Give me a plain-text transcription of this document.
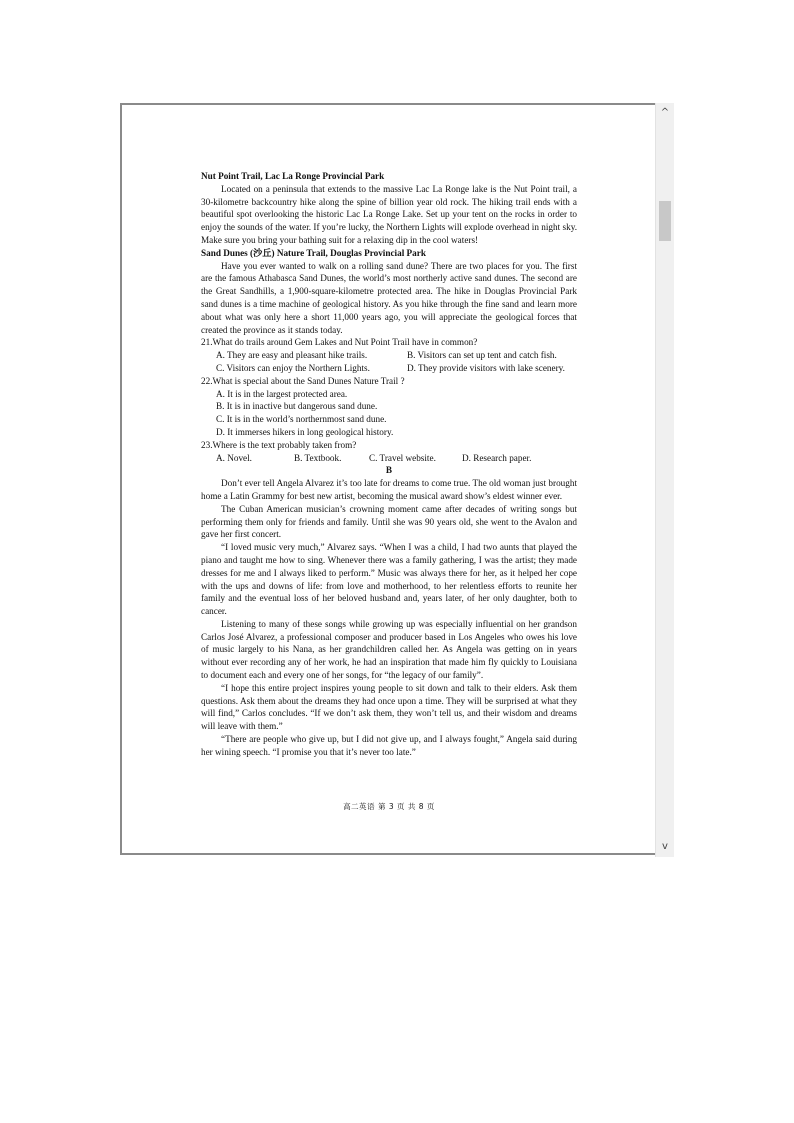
^
v

Nut Point Trail, Lac La Ronge Provincial Park

Located on a peninsula that extends to the massive Lac La Ronge lake is the Nut Point trail, a 30-kilometre backcountry hike along the spine of billion year old rock. The hiking trail ends with a beautiful spot overlooking the historic Lac La Ronge Lake. Set up your tent on the rocks in order to enjoy the sounds of the water. If you’re lucky, the Northern Lights will explode overhead in night sky. Make sure you bring your bathing suit for a relaxing dip in the cool waters!

Sand Dunes (沙丘) Nature Trail, Douglas Provincial Park

Have you ever wanted to walk on a rolling sand dune? There are two places for you. The first are the famous Athabasca Sand Dunes, the world’s most northerly active sand dunes. The second are the Great Sandhills, a 1,900-square-kilometre protected area. The hike in Douglas Provincial Park sand dunes is a time machine of geological history. As you hike through the fine sand and learn more about what was only here a short 11,000 years ago, you will appreciate the geological forces that created the province as it stands today.

21.What do trails around Gem Lakes and Nut Point Trail have in common?

A. They are easy and pleasant hike trails.	B. Visitors can set up tent and catch fish.
C. Visitors can enjoy the Northern Lights.	D. They provide visitors with lake scenery.

22.What is special about the Sand Dunes Nature Trail ?

A. It is in the largest protected area.

B. It is in inactive but dangerous sand dune.

C. It is in the world’s northernmost sand dune.

D. It immerses hikers in long geological history.

23.Where is the text probably taken from?

A. Novel.	B. Textbook.	C. Travel website.	D. Research paper.

B

Don’t ever tell Angela Alvarez it’s too late for dreams to come true. The old woman just brought home a Latin Grammy for best new artist, becoming the musical award show’s eldest winner ever.

The Cuban American musician’s crowning moment came after decades of writing songs but performing them only for friends and family. Until she was 90 years old, she went to the Avalon and gave her first concert.

“I loved music very much,” Alvarez says. “When I was a child, I had two aunts that played the piano and taught me how to sing. Whenever there was a family gathering, I was the artist; they made dresses for me and I always liked to perform.” Music was always there for her, as it helped her cope with the ups and downs of life: from love and motherhood, to her relentless efforts to reunite her family and the eventual loss of her beloved husband and, years later, of her only daughter, both to cancer.

Listening to many of these songs while growing up was especially influential on her grandson Carlos José Alvarez, a professional composer and producer based in Los Angeles who owes his love of music largely to his Nana, as her grandchildren called her. As Angela was getting on in years without ever recording any of her work, he had an inspiration that made him fly quickly to Louisiana to document each and every one of her songs, for “the legacy of our family”.

“I hope this entire project inspires young people to sit down and talk to their elders. Ask them questions. Ask them about the dreams they had once upon a time. They will be surprised at what they will find,” Carlos concludes. “If we don’t ask them, they won’t tell us, and their wisdom and dreams will leave with them.”

“There are people who give up, but I did not give up, and I always fought,” Angela said during her wining speech. “I promise you that it’s never too late.”

高二英语 第 3 页 共 8 页
